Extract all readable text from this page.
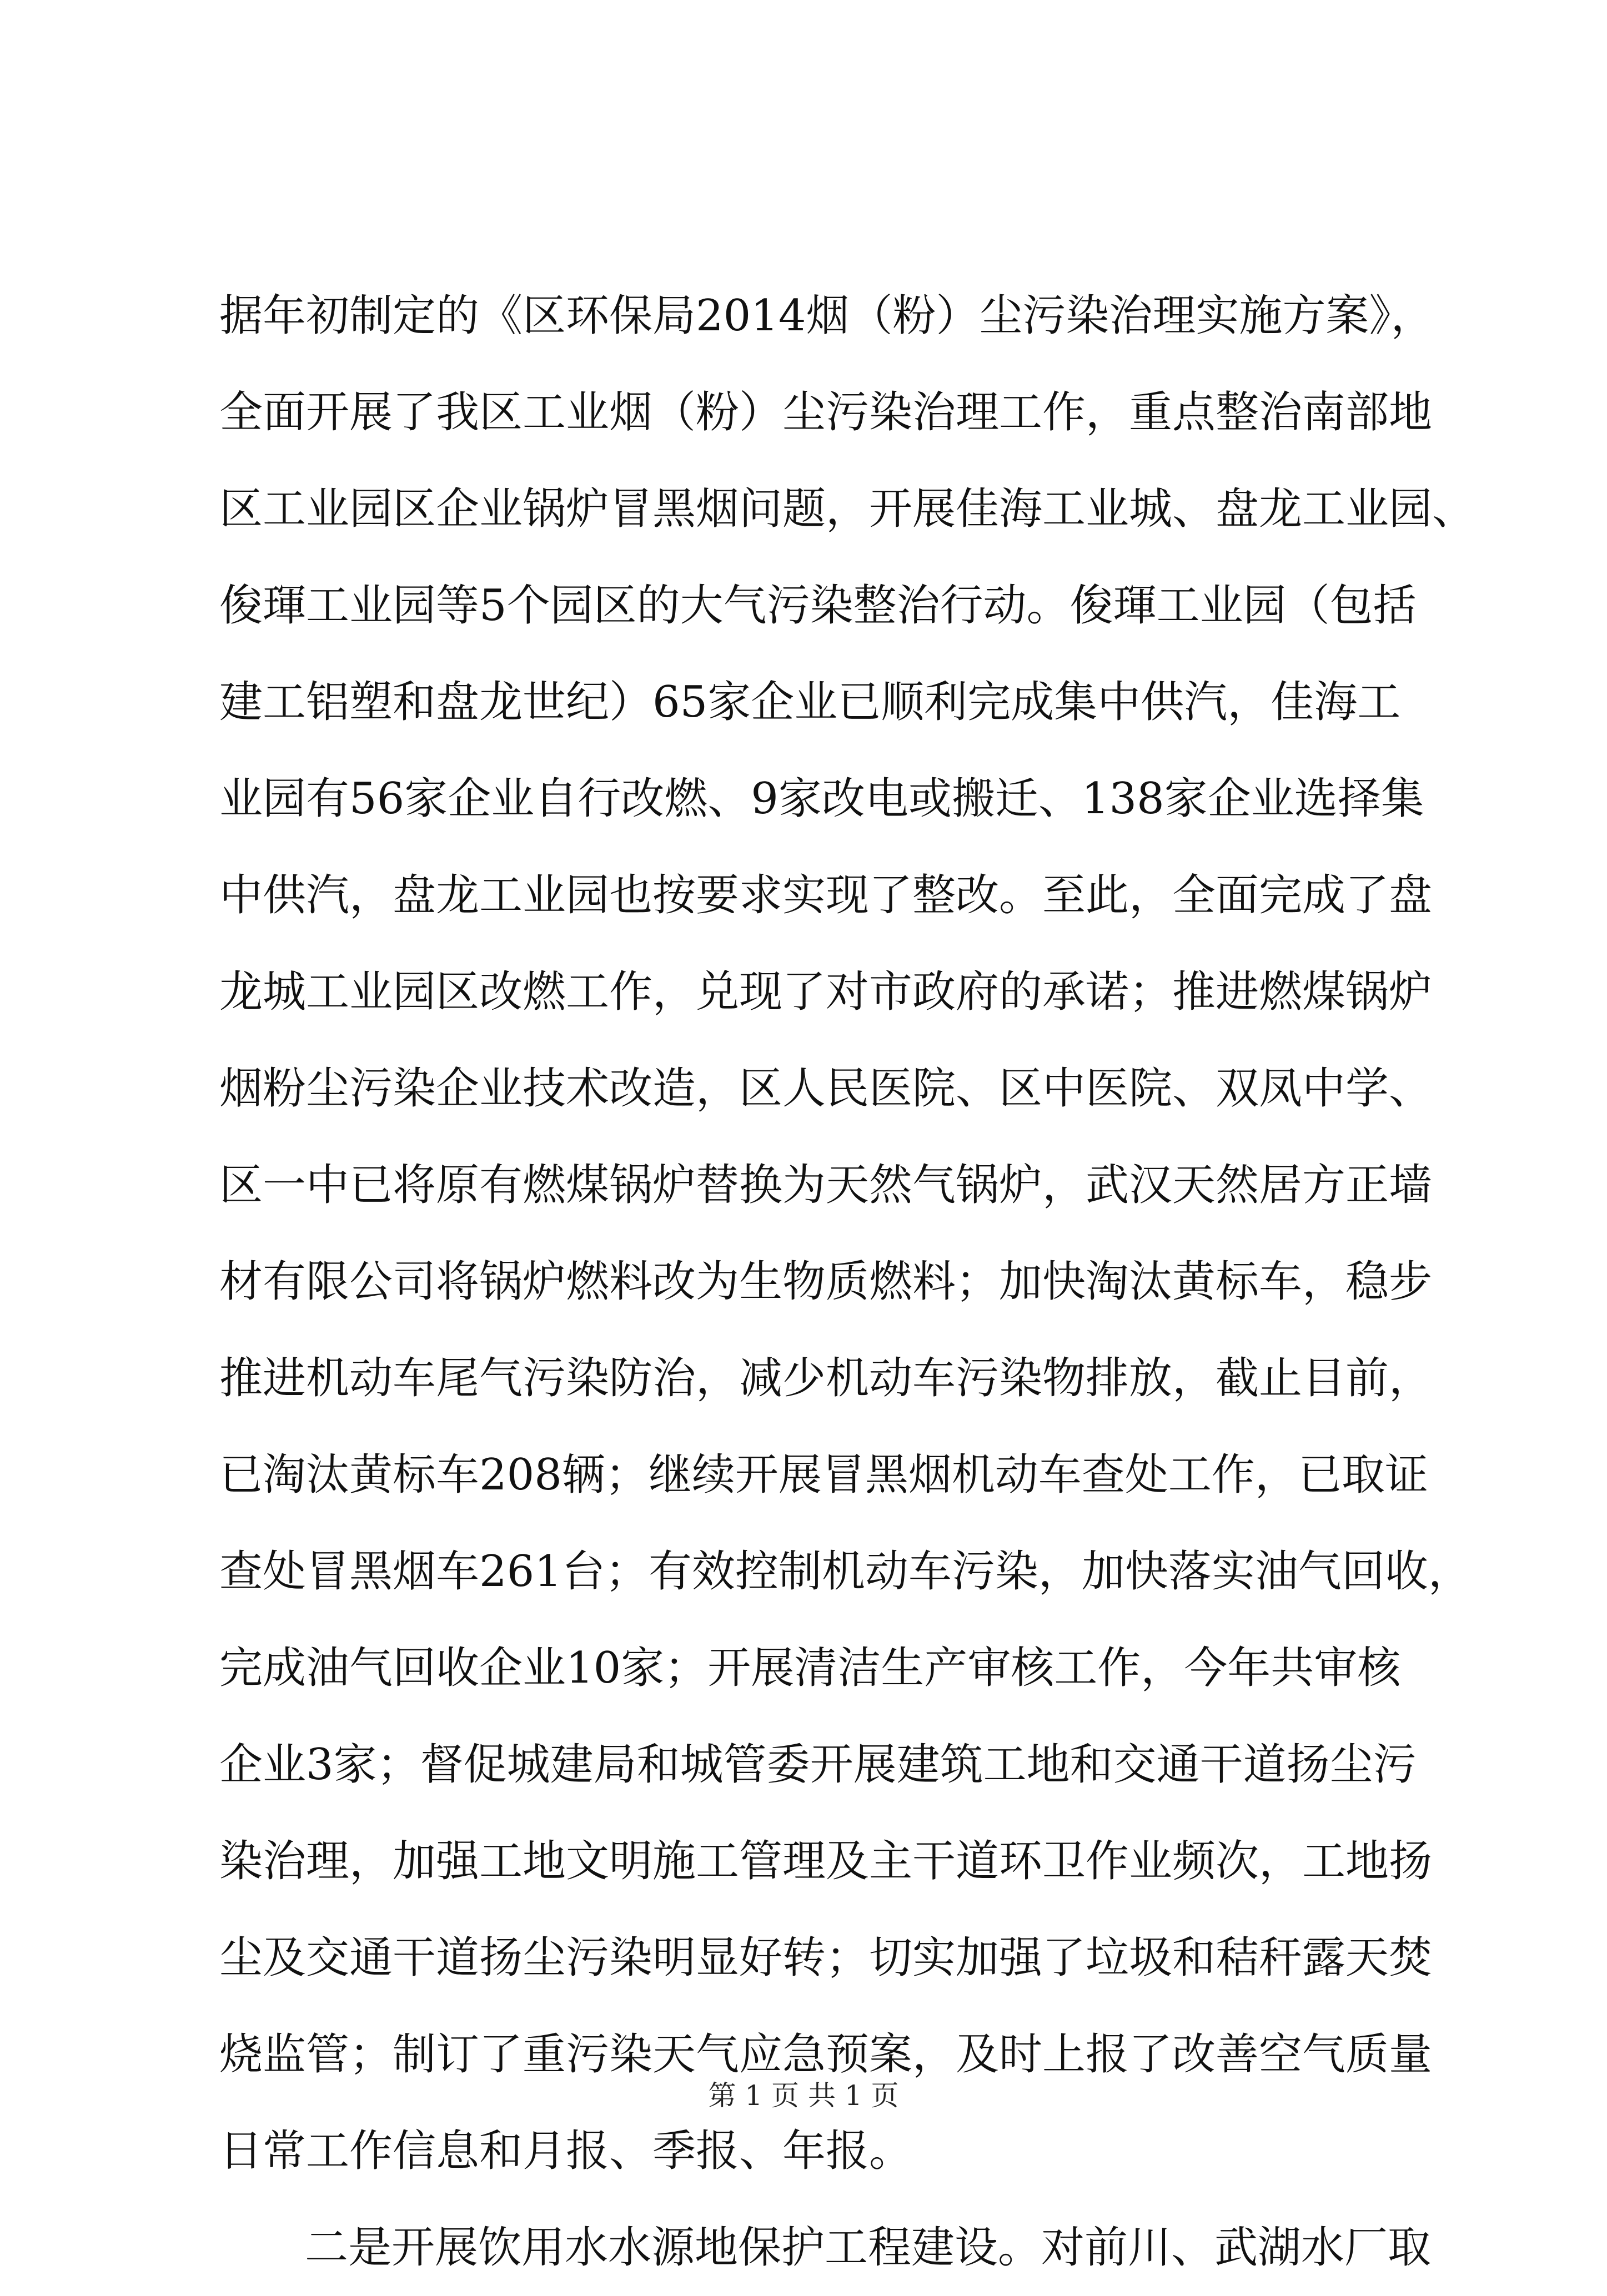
据年初制定的《区环保局2014烟（粉）尘污染治理实施方案》，
全面开展了我区工业烟（粉）尘污染治理工作，重点整治南部地
区工业园区企业锅炉冒黑烟问题，开展佳海工业城、盘龙工业园、
俊琿工业园等5个园区的大气污染整治行动。俊琿工业园（包括
建工铝塑和盘龙世纪）65家企业已顺利完成集中供汽，佳海工
业园有56家企业自行改燃、9家改电或搬迁、138家企业选择集
中供汽，盘龙工业园也按要求实现了整改。至此，全面完成了盘
龙城工业园区改燃工作，兑现了对市政府的承诺；推进燃煤锅炉
烟粉尘污染企业技术改造，区人民医院、区中医院、双凤中学、
区一中已将原有燃煤锅炉替换为天然气锅炉，武汉天然居方正墙
材有限公司将锅炉燃料改为生物质燃料；加快淘汰黄标车，稳步
推进机动车尾气污染防治，减少机动车污染物排放，截止目前，
已淘汰黄标车208辆；继续开展冒黑烟机动车查处工作，已取证
查处冒黑烟车261台；有效控制机动车污染，加快落实油气回收，
完成油气回收企业10家；开展清洁生产审核工作，今年共审核
企业3家；督促城建局和城管委开展建筑工地和交通干道扬尘污
染治理，加强工地文明施工管理及主干道环卫作业频次，工地扬
尘及交通干道扬尘污染明显好转；切实加强了垃圾和秸秆露天焚
烧监管；制订了重污染天气应急预案，及时上报了改善空气质量
日常工作信息和月报、季报、年报。
二是开展饮用水水源地保护工程建设。对前川、武湖水厂取
第 1 页 共 1 页
